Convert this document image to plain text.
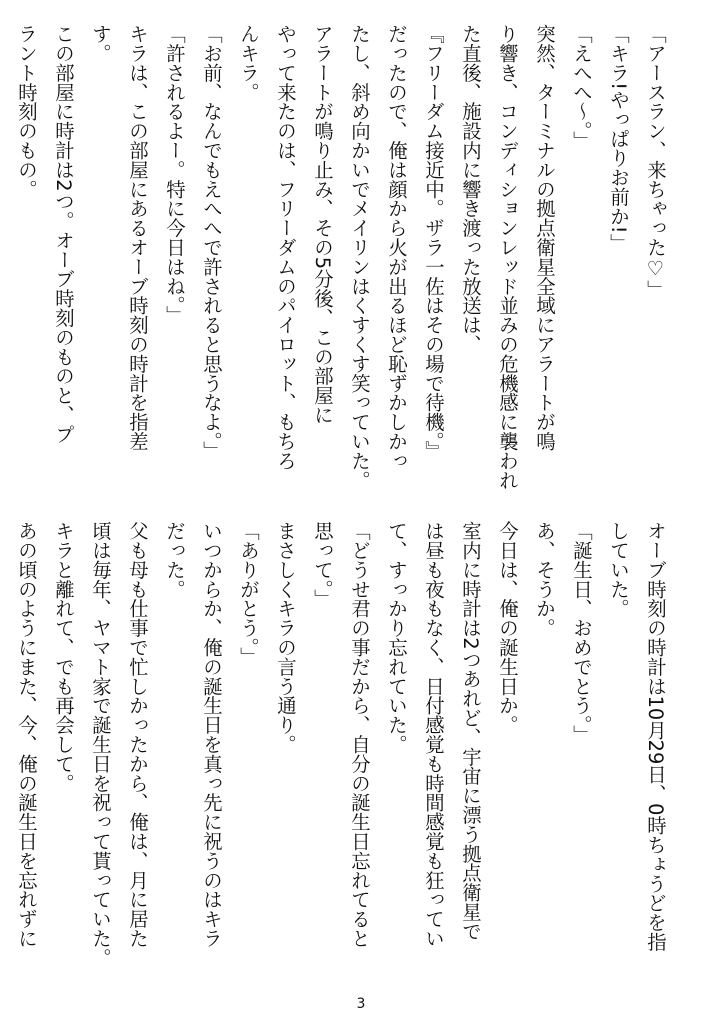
「アースラン、来ちゃった♡」
「キラ!やっぱりお前か!」
「えへへ〜。」
突然、ターミナルの拠点衛星全域にアラートが鳴
り響き、コンディションレッド並みの危機感に襲われ
た直後、施設内に響き渡った放送は、
『フリーダム接近中。ザラ一佐はその場で待機。』
だったので、俺は顔から火が出るほど恥ずかしかっ
たし、斜め向かいでメイリンはくすくす笑っていた。
アラートが鳴り止み、その5分後、この部屋に
やって来たのは、フリーダムのパイロット、もちろ
んキラ。
「お前、なんでもえへへで許されると思うなよ。」
「許されるよー。特に今日はね。」
キラは、この部屋にあるオーブ時刻の時計を指差
す。
この部屋に時計は2つ。オーブ時刻のものと、プ
ラント時刻のもの。
オーブ時刻の時計は10月29日、0時ちょうどを指
していた。
「誕生日、おめでとう。」
あ、そうか。
今日は、俺の誕生日か。
室内に時計は2つあれど、宇宙に漂う拠点衛星で
は昼も夜もなく、日付感覚も時間感覚も狂ってい
て、すっかり忘れていた。
「どうせ君の事だから、自分の誕生日忘れてると
思って。」
まさしくキラの言う通り。
「ありがとう。」
いつからか、俺の誕生日を真っ先に祝うのはキラ
だった。
父も母も仕事で忙しかったから、俺は、月に居た
頃は毎年、ヤマト家で誕生日を祝って貰っていた。
キラと離れて、でも再会して。
あの頃のようにまた、今、俺の誕生日を忘れずに
3
